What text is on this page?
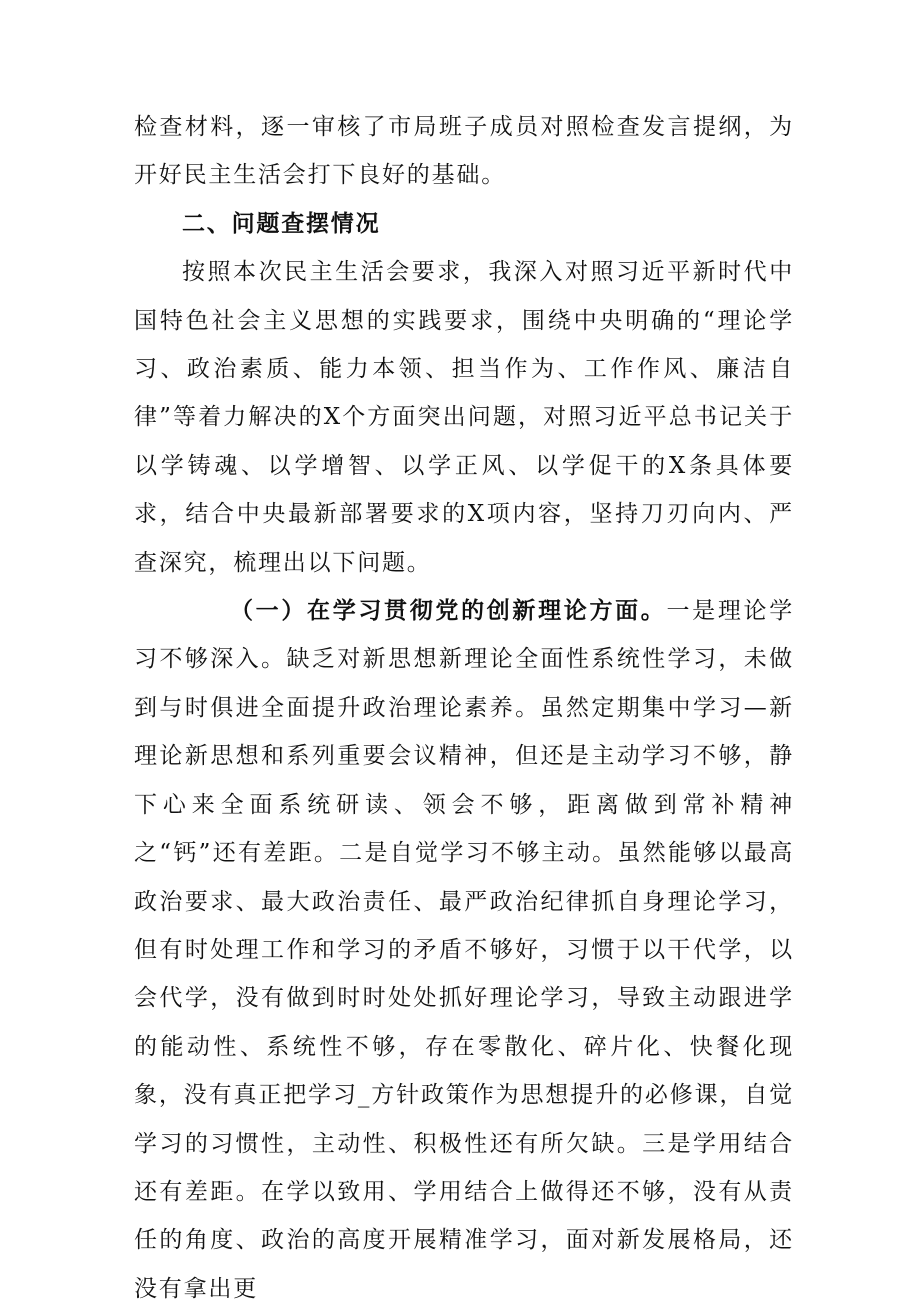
检查材料，逐一审核了市局班子成员对照检查发言提纲，为开好民主生活会打下良好的基础。

二、问题查摆情况

按照本次民主生活会要求，我深入对照习近平新时代中国特色社会主义思想的实践要求，围绕中央明确的“理论学习、政治素质、能力本领、担当作为、工作作风、廉洁自律”等着力解决的X个方面突出问题，对照习近平总书记关于以学铸魂、以学增智、以学正风、以学促干的X条具体要求，结合中央最新部署要求的X项内容，坚持刀刃向内、严查深究，梳理出以下问题。

（一）在学习贯彻党的创新理论方面。一是理论学习不够深入。缺乏对新思想新理论全面性系统性学习，未做到与时俱进全面提升政治理论素养。虽然定期集中学习—新理论新思想和系列重要会议精神，但还是主动学习不够，静下心来全面系统研读、领会不够，距离做到常补精神之“钙”还有差距。二是自觉学习不够主动。虽然能够以最高政治要求、最大政治责任、最严政治纪律抓自身理论学习，但有时处理工作和学习的矛盾不够好，习惯于以干代学，以会代学，没有做到时时处处抓好理论学习，导致主动跟进学的能动性、系统性不够，存在零散化、碎片化、快餐化现象，没有真正把学习_方针政策作为思想提升的必修课，自觉学习的习惯性，主动性、积极性还有所欠缺。三是学用结合还有差距。在学以致用、学用结合上做得还不够，没有从责任的角度、政治的高度开展精准学习，面对新发展格局，还没有拿出更
